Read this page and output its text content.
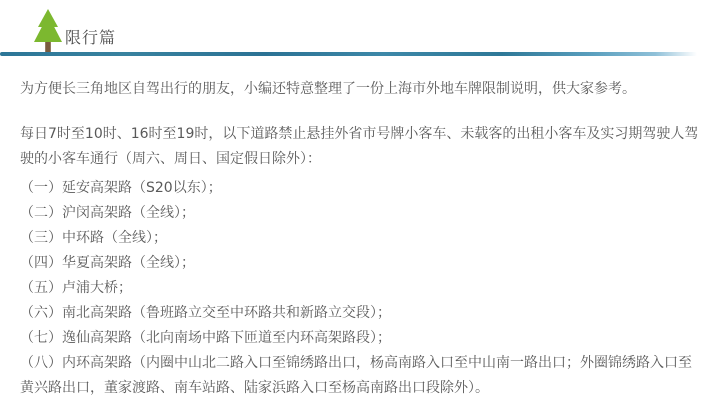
限行篇

为方便长三角地区自驾出行的朋友，小编还特意整理了一份上海市外地车牌限制说明，供大家参考。

每日7时至10时、16时至19时，以下道路禁止悬挂外省市号牌小客车、未载客的出租小客车及实习期驾驶人驾驶的小客车通行（周六、周日、国定假日除外）：

（一）延安高架路（S20以东）；

（二）沪闵高架路（全线）；

（三）中环路（全线）；

（四）华夏高架路（全线）；

（五）卢浦大桥；

（六）南北高架路（鲁班路立交至中环路共和新路立交段）；

（七）逸仙高架路（北向南场中路下匝道至内环高架路段）；

（八）内环高架路（内圈中山北二路入口至锦绣路出口，杨高南路入口至中山南一路出口；外圈锦绣路入口至黄兴路出口，董家渡路、南车站路、陆家浜路入口至杨高南路出口段除外）。
